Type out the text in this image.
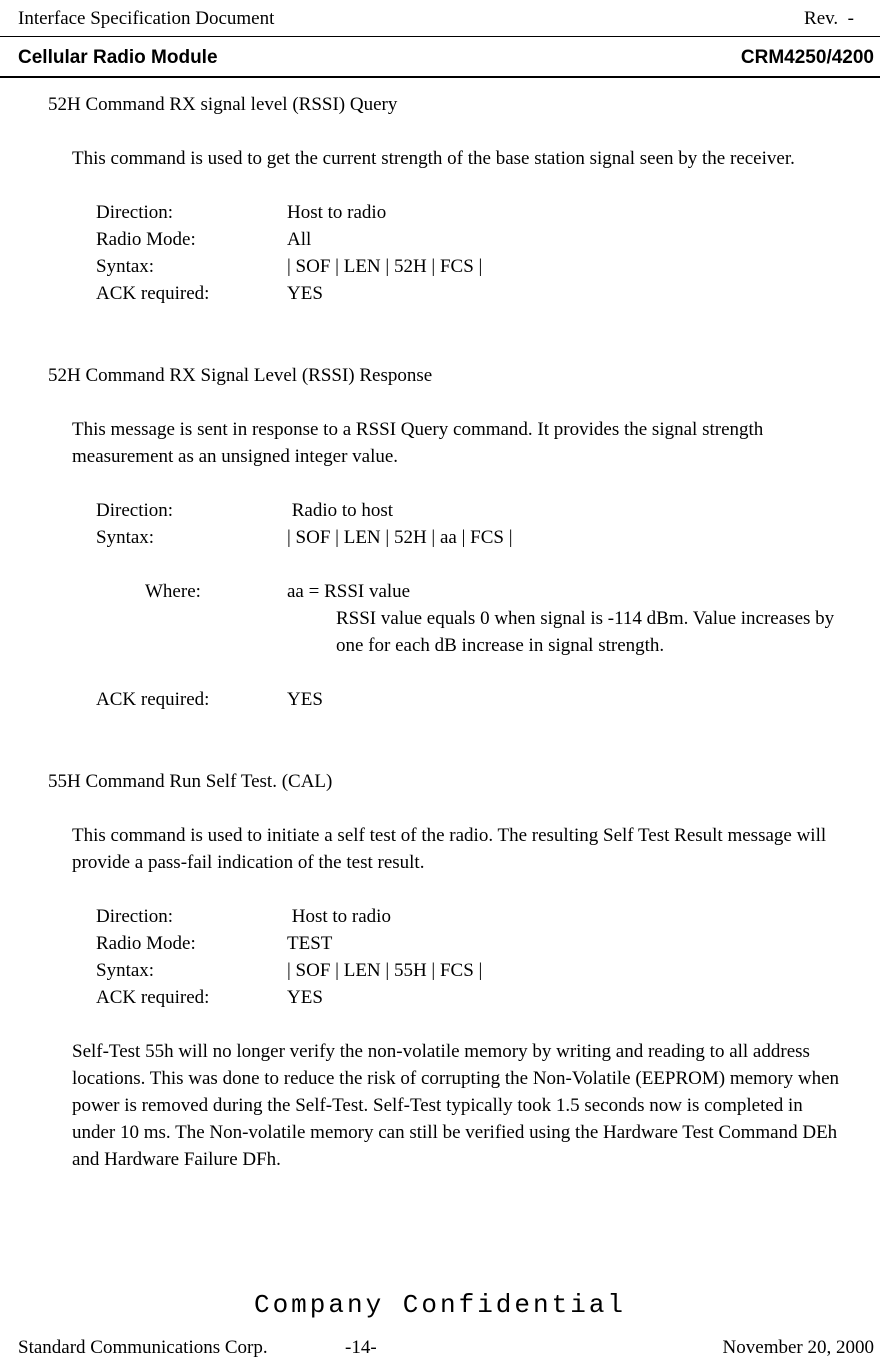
Interface Specification Document	Rev.  -
Cellular Radio Module	CRM4250/4200
52H Command RX signal level (RSSI) Query
This command is used to get the current strength of the base station signal seen by the receiver.
Direction:	Host to radio
Radio Mode:	All
Syntax:	| SOF | LEN | 52H | FCS |
ACK required:	YES
52H Command RX Signal Level (RSSI) Response
This message is sent in response to a RSSI Query command. It provides the signal strength measurement as an unsigned integer value.
Direction:	Radio to host
Syntax:	| SOF | LEN | 52H | aa | FCS |
Where:	aa = RSSI value
RSSI value equals 0 when signal is -114 dBm. Value increases by one for each dB increase in signal strength.
ACK required:	YES
55H Command Run Self Test. (CAL)
This command is used to initiate a self test of the radio. The resulting Self Test Result message will provide a pass-fail indication of the test result.
Direction:	Host to radio
Radio Mode:	TEST
Syntax:	| SOF | LEN | 55H | FCS |
ACK required:	YES
Self-Test 55h will no longer verify the non-volatile memory by writing and reading to all address locations. This was done to reduce the risk of corrupting the Non-Volatile (EEPROM) memory when power is removed during the Self-Test. Self-Test typically took 1.5 seconds now is completed in under 10 ms. The Non-volatile memory can still be verified using the Hardware Test Command DEh and Hardware Failure DFh.
Company Confidential
Standard Communications Corp.	-14-	November 20, 2000
